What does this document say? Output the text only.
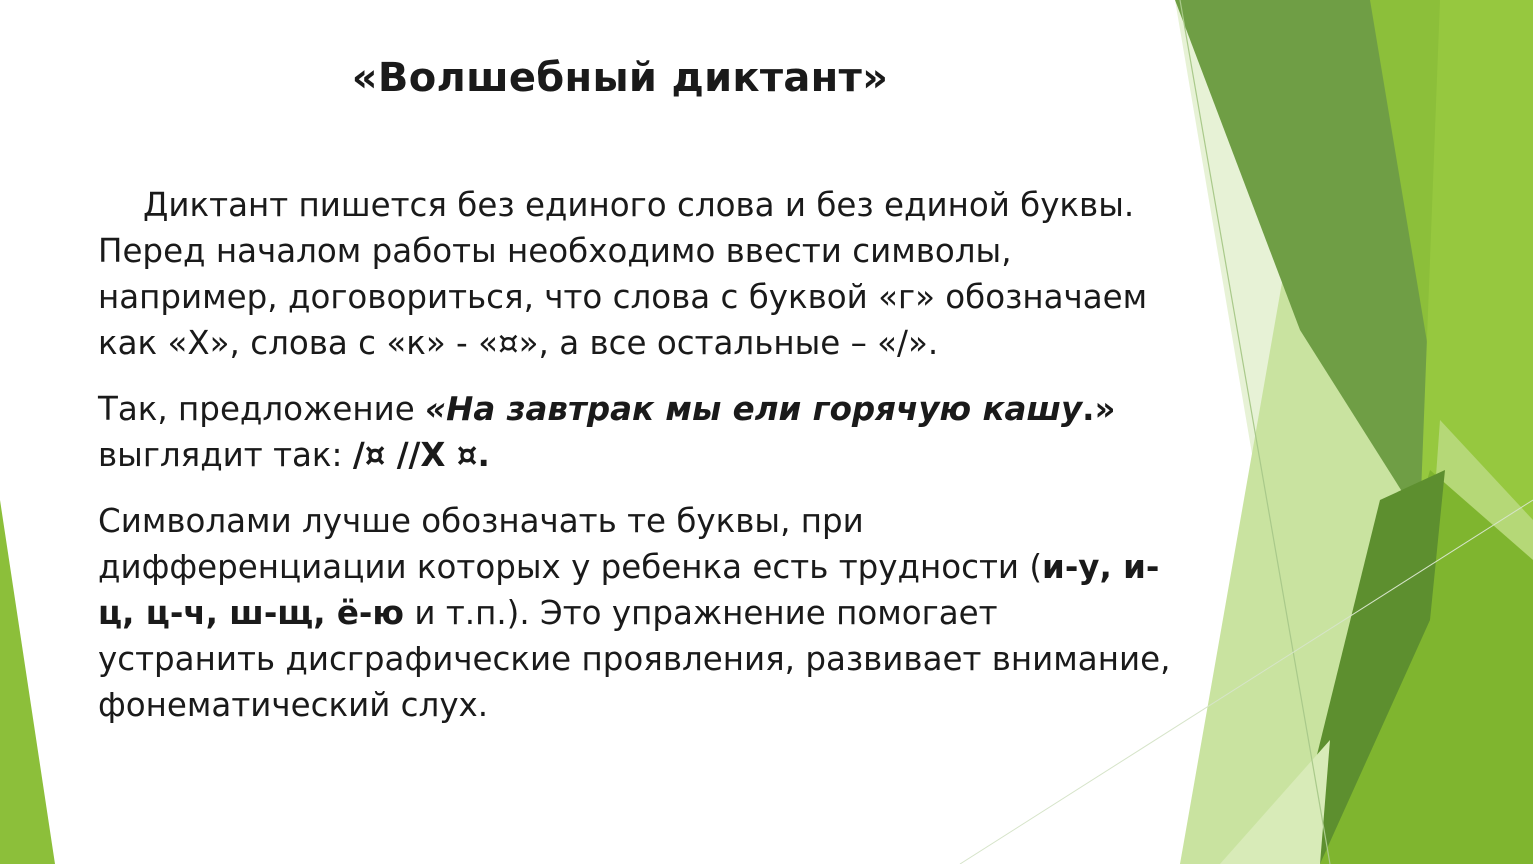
«Волшебный диктант»

Диктант пишется без единого слова и без единой буквы. Перед началом работы необходимо ввести символы, например, договориться, что слова с буквой «г» обозначаем как «Х», слова с «к» - «¤», а все остальные – «/».

Так, предложение «На завтрак мы ели горячую кашу.» выглядит так: /¤ //Х ¤.

Символами лучше обозначать те буквы, при дифференциации которых у ребенка есть трудности (и-у, и-ц, ц-ч, ш-щ, ё-ю и т.п.). Это упражнение помогает устранить дисграфические проявления, развивает внимание, фонематический слух.
